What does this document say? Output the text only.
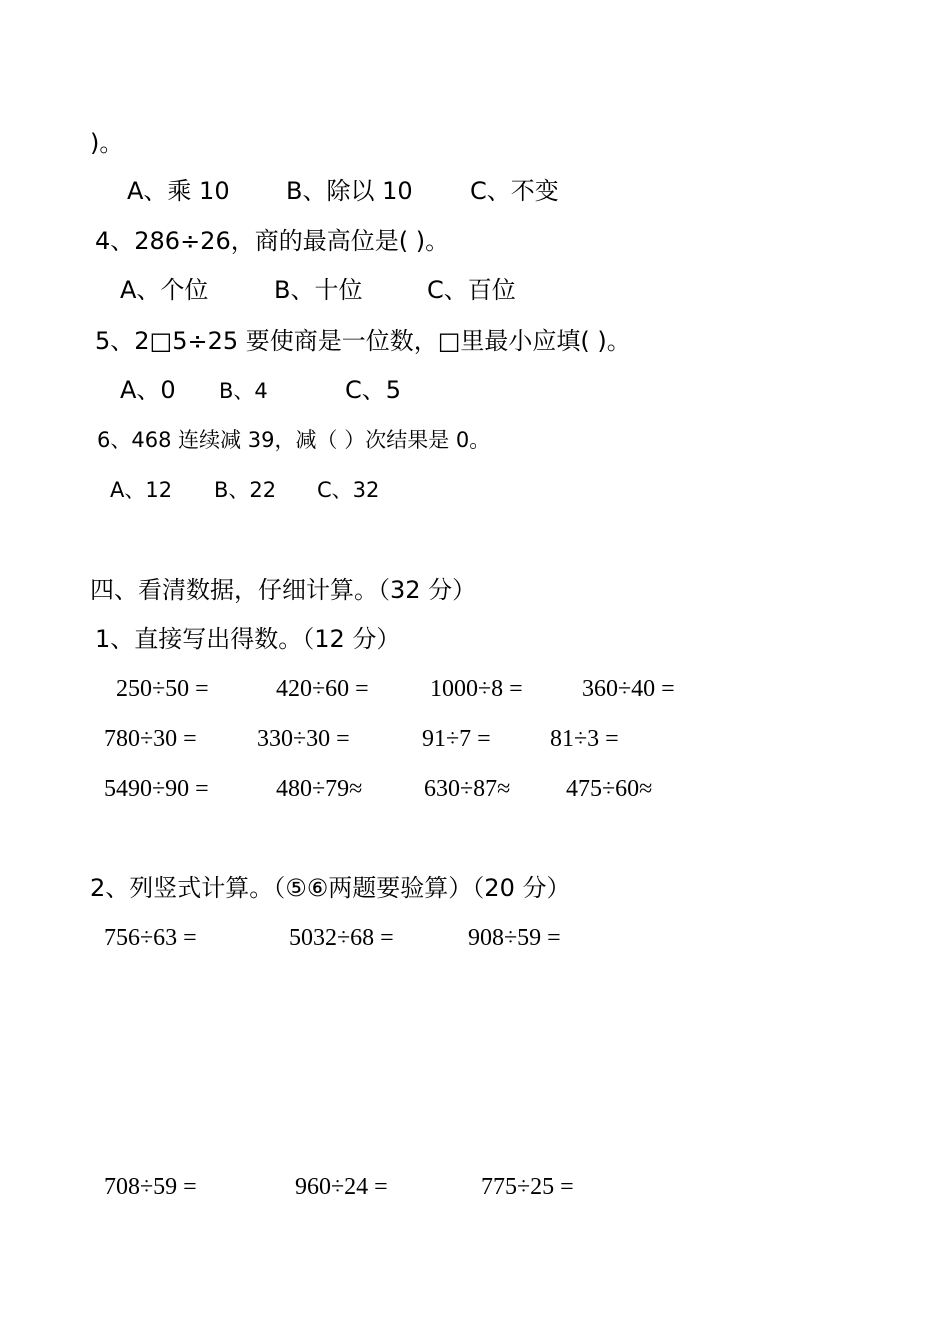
)。
A、乘 10 B、除以 10 C、不变
4、286÷26，商的最高位是( )。
A、个位	B、十位	C、百位
5、2□5÷25 要使商是一位数，□里最小应填( )。
A、0 B、4	C、5
6、468 连续减 39，减（ ）次结果是 0。
A、12 B、22 C、32
四、看清数据，仔细计算。（32 分）
1、直接写出得数。（12 分）
250÷50 =	420÷60 =	1000÷8 = 360÷40 =
780÷30 =	330÷30 =	91÷7 = 81÷3 =
5490÷90 =	480÷79≈	630÷87≈ 475÷60≈
2、列竖式计算。（⑤⑥两题要验算）（20 分）
756÷63 =	5032÷68 =	908÷59 =
708÷59 =	960÷24 =	775÷25 =
